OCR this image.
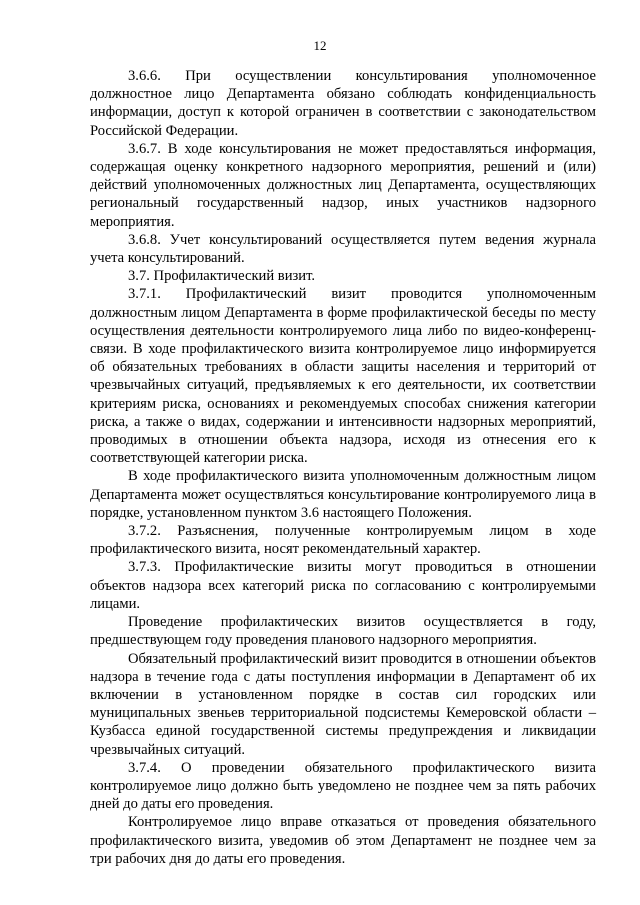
12

3.6.6. При осуществлении консультирования уполномоченное должностное лицо Департамента обязано соблюдать конфиденциальность информации, доступ к которой ограничен в соответствии с законодательством Российской Федерации.

3.6.7. В ходе консультирования не может предоставляться информация, содержащая оценку конкретного надзорного мероприятия, решений и (или) действий уполномоченных должностных лиц Департамента, осуществляющих региональный государственный надзор, иных участников надзорного мероприятия.

3.6.8. Учет консультирований осуществляется путем ведения журнала учета консультирований.

3.7. Профилактический визит.

3.7.1. Профилактический визит проводится уполномоченным должностным лицом Департамента в форме профилактической беседы по месту осуществления деятельности контролируемого лица либо по видео-конференц-связи. В ходе профилактического визита контролируемое лицо информируется об обязательных требованиях в области защиты населения и территорий от чрезвычайных ситуаций, предъявляемых к его деятельности, их соответствии критериям риска, основаниях и рекомендуемых способах снижения категории риска, а также о видах, содержании и интенсивности надзорных мероприятий, проводимых в отношении объекта надзора, исходя из отнесения его к соответствующей категории риска.

В ходе профилактического визита уполномоченным должностным лицом Департамента может осуществляться консультирование контролируемого лица в порядке, установленном пунктом 3.6 настоящего Положения.

3.7.2. Разъяснения, полученные контролируемым лицом в ходе профилактического визита, носят рекомендательный характер.

3.7.3. Профилактические визиты могут проводиться в отношении объектов надзора всех категорий риска по согласованию с контролируемыми лицами.

Проведение профилактических визитов осуществляется в году, предшествующем году проведения планового надзорного мероприятия.

Обязательный профилактический визит проводится в отношении объектов надзора в течение года с даты поступления информации в Департамент об их включении в установленном порядке в состав сил городских или муниципальных звеньев территориальной подсистемы Кемеровской области – Кузбасса единой государственной системы предупреждения и ликвидации чрезвычайных ситуаций.

3.7.4. О проведении обязательного профилактического визита контролируемое лицо должно быть уведомлено не позднее чем за пять рабочих дней до даты его проведения.

Контролируемое лицо вправе отказаться от проведения обязательного профилактического визита, уведомив об этом Департамент не позднее чем за три рабочих дня до даты его проведения.
